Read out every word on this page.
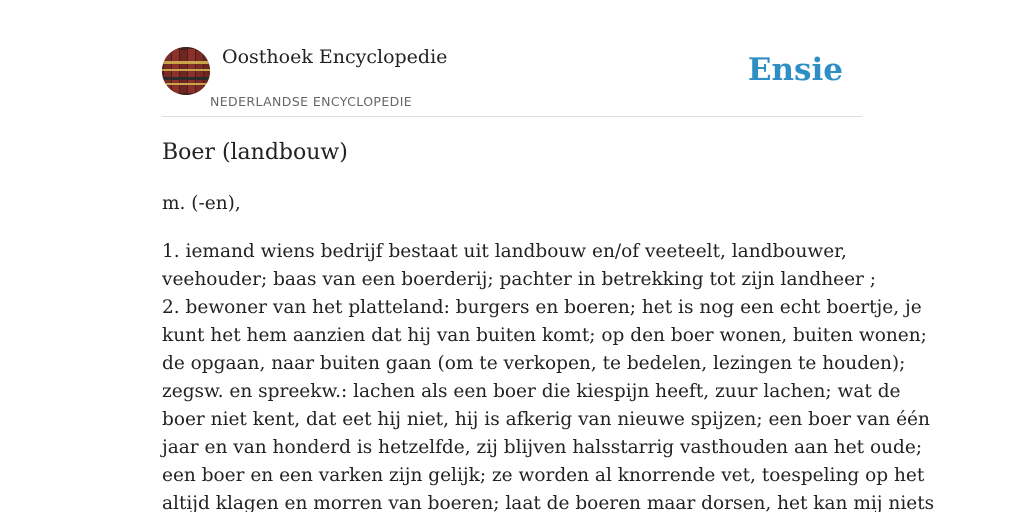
Oosthoek Encyclopedie
NEDERLANDSE ENCYCLOPEDIE
Ensie
Boer (landbouw)
m. (-en),
1. iemand wiens bedrijf bestaat uit landbouw en/of veeteelt, landbouwer,
veehouder; baas van een boerderij; pachter in betrekking tot zijn landheer ;
2. bewoner van het platteland: burgers en boeren; het is nog een echt boertje, je
kunt het hem aanzien dat hij van buiten komt; op den boer wonen, buiten wonen;
de opgaan, naar buiten gaan (om te verkopen, te bedelen, lezingen te houden);
zegsw. en spreekw.: lachen als een boer die kiespijn heeft, zuur lachen; wat de
boer niet kent, dat eet hij niet, hij is afkerig van nieuwe spijzen; een boer van één
jaar en van honderd is hetzelfde, zij blijven halsstarrig vasthouden aan het oude;
een boer en een varken zijn gelijk; ze worden al knorrende vet, toespeling op het
altijd klagen en morren van boeren; laat de boeren maar dorsen, het kan mij niets
